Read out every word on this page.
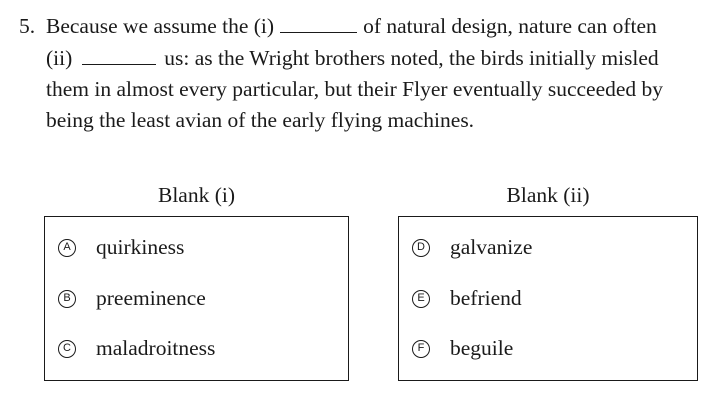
5. Because we assume the (i)	of natural design, nature can often
(ii)	us: as the Wright brothers noted, the birds initially misled
them in almost every particular, but their Flyer eventually succeeded by
being the least avian of the early flying machines.
Blank (i)	Blank (ii)
A quirkiness
B preeminence
C maladroitness
D galvanize
E befriend
F beguile
